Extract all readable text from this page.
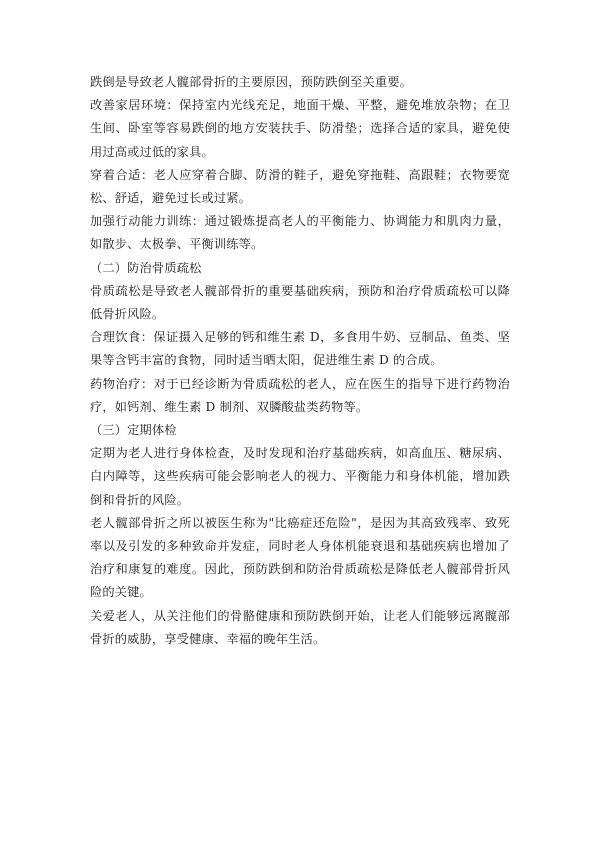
跌倒是导致老人髋部骨折的主要原因，预防跌倒至关重要。

改善家居环境：保持室内光线充足，地面干燥、平整，避免堆放杂物；在卫生间、卧室等容易跌倒的地方安装扶手、防滑垫；选择合适的家具，避免使用过高或过低的家具。

穿着合适：老人应穿着合脚、防滑的鞋子，避免穿拖鞋、高跟鞋；衣物要宽松、舒适，避免过长或过紧。

加强行动能力训练：通过锻炼提高老人的平衡能力、协调能力和肌肉力量，如散步、太极拳、平衡训练等。

（二）防治骨质疏松

骨质疏松是导致老人髋部骨折的重要基础疾病，预防和治疗骨质疏松可以降低骨折风险。

合理饮食：保证摄入足够的钙和维生素 D，多食用牛奶、豆制品、鱼类、坚果等含钙丰富的食物，同时适当晒太阳，促进维生素 D 的合成。

药物治疗：对于已经诊断为骨质疏松的老人，应在医生的指导下进行药物治疗，如钙剂、维生素 D 制剂、双膦酸盐类药物等。

（三）定期体检

定期为老人进行身体检查，及时发现和治疗基础疾病，如高血压、糖尿病、白内障等，这些疾病可能会影响老人的视力、平衡能力和身体机能，增加跌倒和骨折的风险。

老人髋部骨折之所以被医生称为"比癌症还危险"，是因为其高致残率、致死率以及引发的多种致命并发症，同时老人身体机能衰退和基础疾病也增加了治疗和康复的难度。因此，预防跌倒和防治骨质疏松是降低老人髋部骨折风险的关键。

关爱老人，从关注他们的骨骼健康和预防跌倒开始，让老人们能够远离髋部骨折的威胁，享受健康、幸福的晚年生活。
